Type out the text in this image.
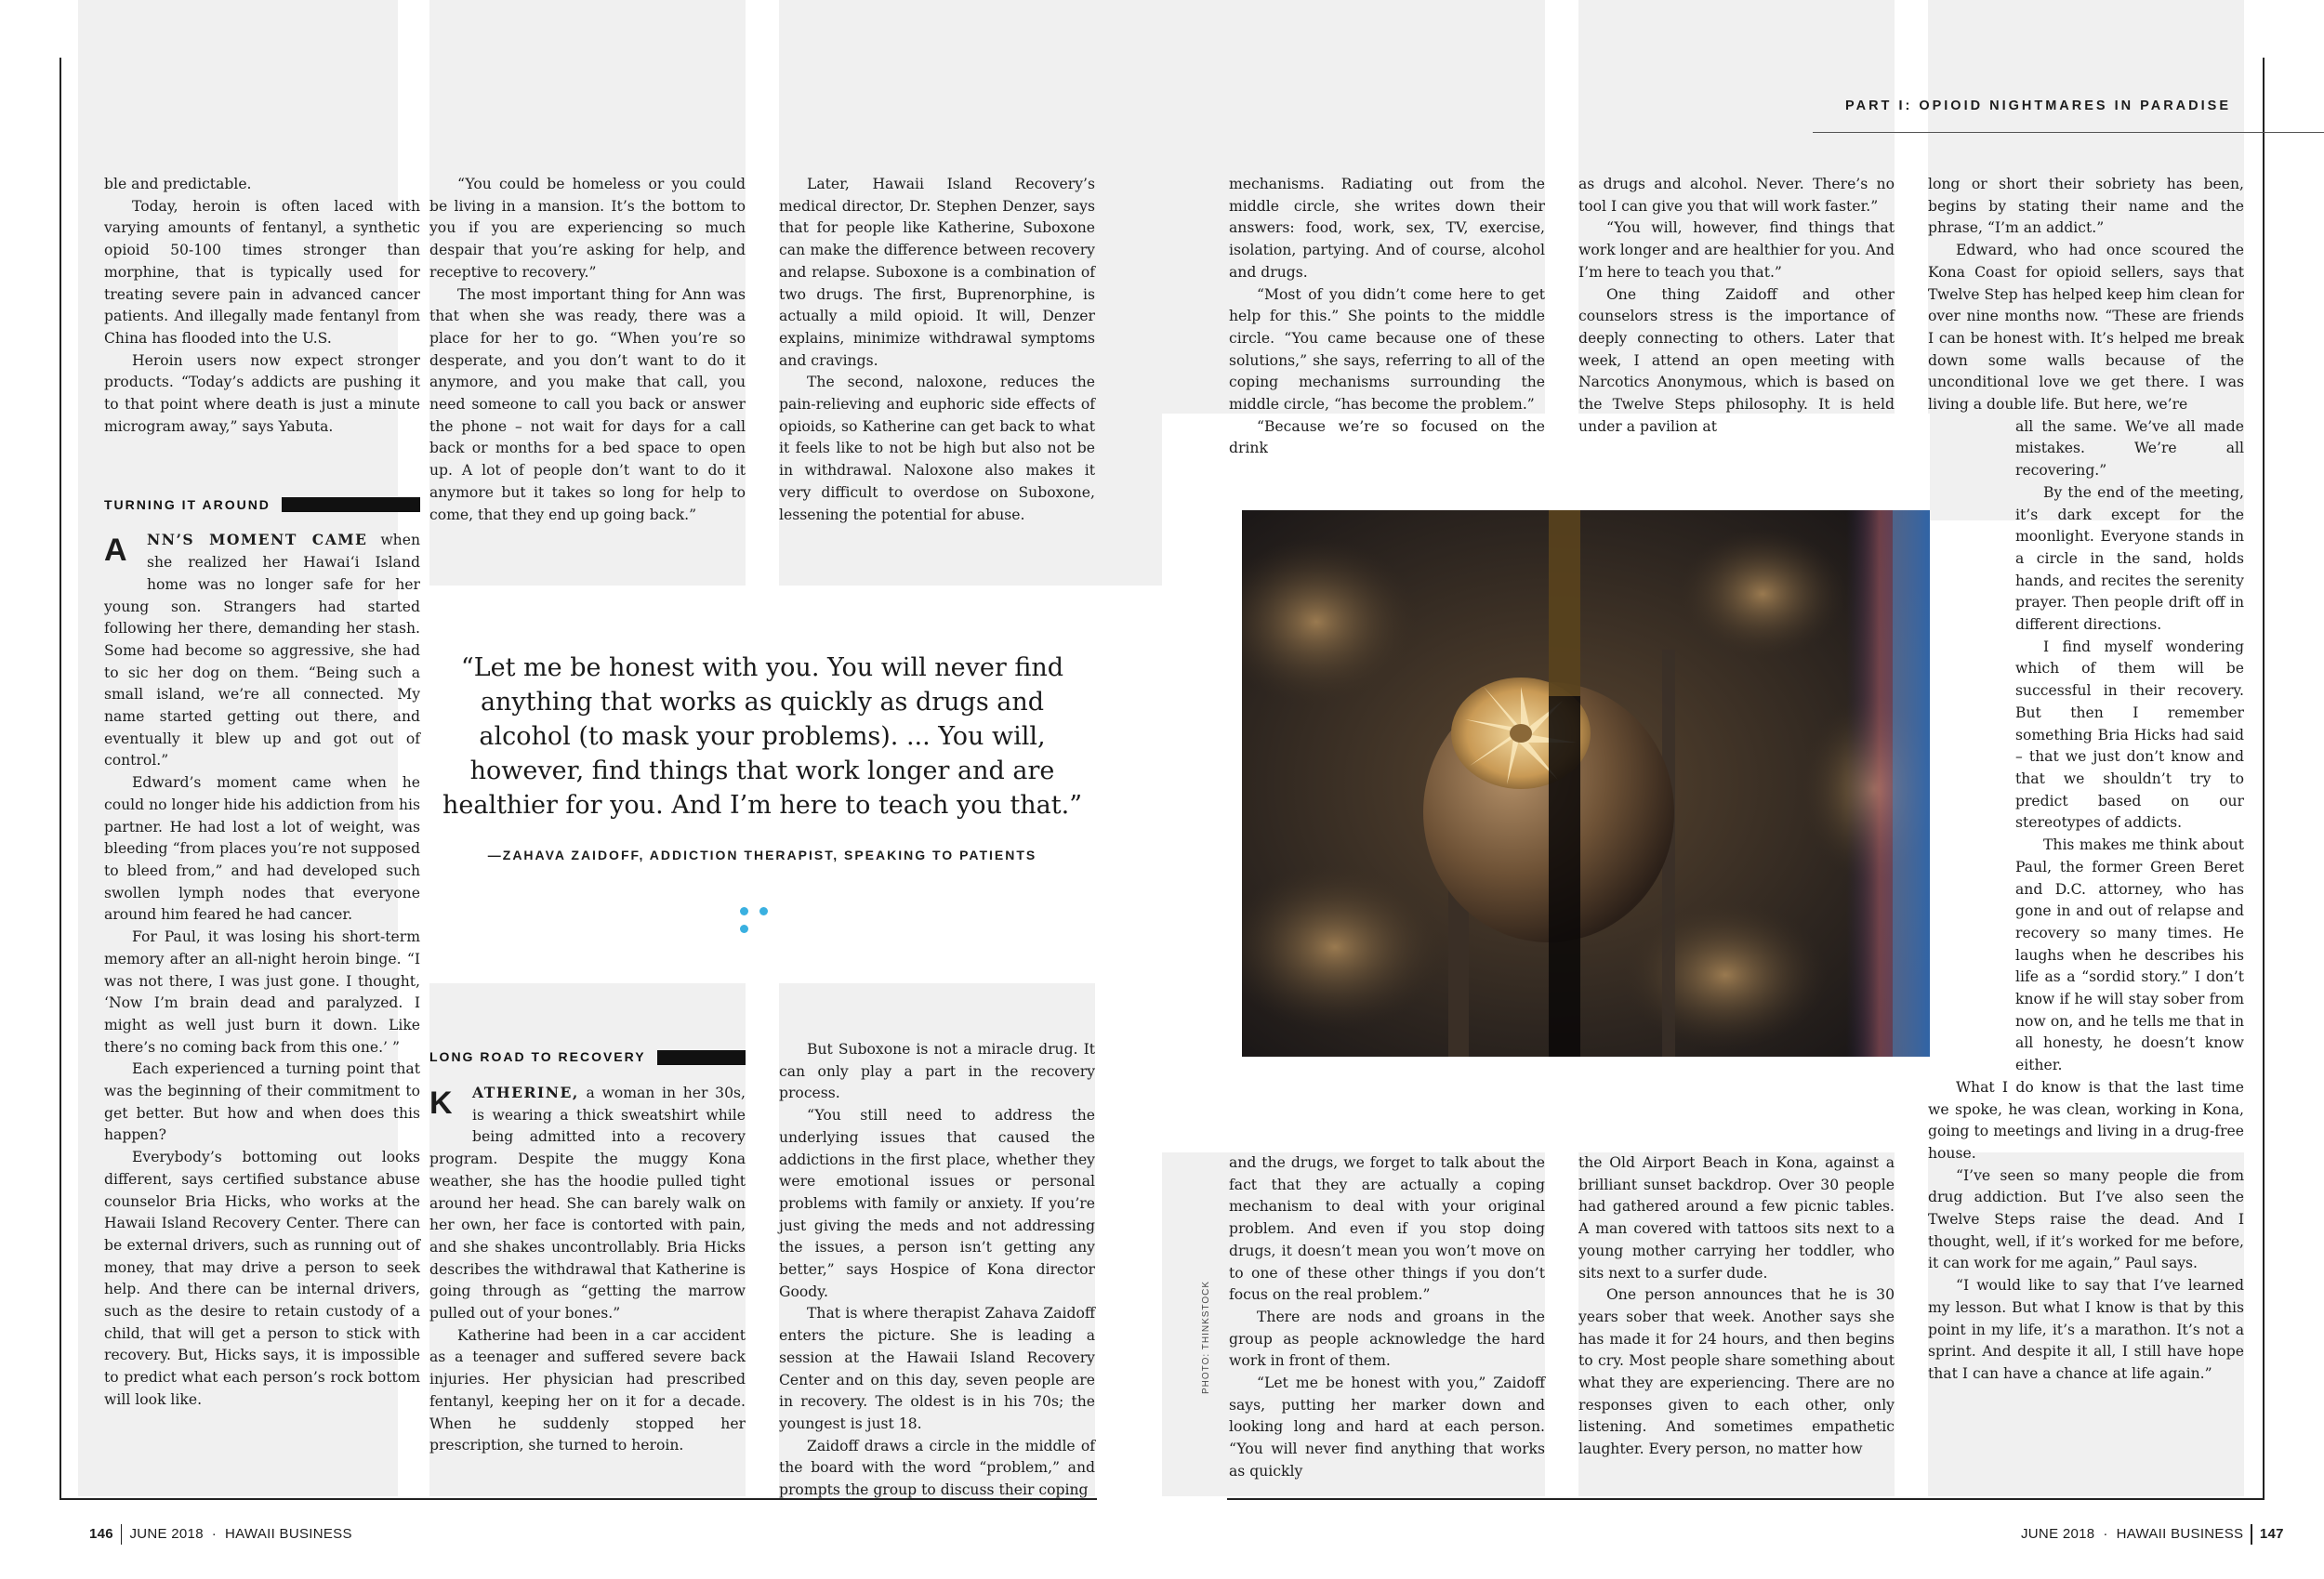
PART I: OPIOID NIGHTMARES IN PARADISE

ble and predictable.

Today, heroin is often laced with varying amounts of fentanyl, a synthetic opioid 50-100 times stronger than morphine, that is typically used for treating severe pain in advanced cancer patients. And illegally made fentanyl from China has flooded into the U.S.

Heroin users now expect stronger products. “Today’s addicts are pushing it to that point where death is just a minute microgram away,” says Yabuta.

TURNING IT AROUND
A	NN’S MOMENT CAME when she realized her Hawai‘i Island home was no longer safe for her young son. Strangers had started following her there, demanding her stash. Some had become so aggressive, she had to sic her dog on them. “Being such a small island, we’re all connected. My name started getting out there, and eventually it blew up and got out of control.”

Edward’s moment came when he could no longer hide his addiction from his partner. He had lost a lot of weight, was bleeding “from places you’re not supposed to bleed from,” and had developed such swollen lymph nodes that everyone around him feared he had cancer.

For Paul, it was losing his short-term memory after an all-night heroin binge. “I was not there, I was just gone. I thought, ‘Now I’m brain dead and paralyzed. I might as well just burn it down. Like there’s no coming back from this one.’ ”

Each experienced a turning point that was the beginning of their commitment to get better. But how and when does this happen?

Everybody’s bottoming out looks different, says certified substance abuse counselor Bria Hicks, who works at the Hawaii Island Recovery Center. There can be external drivers, such as running out of money, that may drive a person to seek help. And there can be internal drivers, such as the desire to retain custody of a child, that will get a person to stick with recovery. But, Hicks says, it is impossible to predict what each person’s rock bottom will look like.

“You could be homeless or you could be living in a mansion. It’s the bottom to you if you are experiencing so much despair that you’re asking for help, and receptive to recovery.”

The most important thing for Ann was that when she was ready, there was a place for her to go. “When you’re so desperate, and you don’t want to do it anymore, and you make that call, you need someone to call you back or answer the phone – not wait for days for a call back or months for a bed space to open up. A lot of people don’t want to do it anymore but it takes so long for help to come, that they end up going back.”

Later, Hawaii Island Recovery’s medical director, Dr. Stephen Denzer, says that for people like Katherine, Suboxone can make the difference between recovery and relapse. Suboxone is a combination of two drugs. The first, Buprenorphine, is actually a mild opioid. It will, Denzer explains, minimize withdrawal symptoms and cravings.

The second, naloxone, reduces the pain-relieving and euphoric side effects of opioids, so Katherine can get back to what it feels like to not be high but also not be in withdrawal. Naloxone also makes it very difficult to overdose on Suboxone, lessening the potential for abuse.

“Let me be honest with you. You will never find anything that works as quickly as drugs and alcohol (to mask your problems). ... You will, however, find things that work longer and are healthier for you. And I’m here to teach you that.”
—ZAHAVA ZAIDOFF, ADDICTION THERAPIST, SPEAKING TO PATIENTS
LONG ROAD TO RECOVERY
K	ATHERINE, a woman in her 30s, is wearing a thick sweatshirt while being admitted into a recovery program. Despite the muggy Kona weather, she has the hoodie pulled tight around her head. She can barely walk on her own, her face is contorted with pain, and she shakes uncontrollably. Bria Hicks describes the withdrawal that Katherine is going through as “getting the marrow pulled out of your bones.”

Katherine had been in a car accident as a teenager and suffered severe back injuries. Her physician had prescribed fentanyl, keeping her on it for a decade. When he suddenly stopped her prescription, she turned to heroin.

But Suboxone is not a miracle drug. It can only play a part in the recovery process.

“You still need to address the underlying issues that caused the addictions in the first place, whether they were emotional issues or personal problems with family or anxiety. If you’re just giving the meds and not addressing the issues, a person isn’t getting any better,” says Hospice of Kona director Goody.

That is where therapist Zahava Zaidoff enters the picture. She is leading a session at the Hawaii Island Recovery Center and on this day, seven people are in recovery. The oldest is in his 70s; the youngest is just 18.

Zaidoff draws a circle in the middle of the board with the word “problem,” and prompts the group to discuss their coping

mechanisms. Radiating out from the middle circle, she writes down their answers: food, work, sex, TV, exercise, isolation, partying. And of course, alcohol and drugs.

“Most of you didn’t come here to get help for this.” She points to the middle circle. “You came because one of these solutions,” she says, referring to all of the coping mechanisms surrounding the middle circle, “has become the problem.”

“Because we’re so focused on the drink

as drugs and alcohol. Never. There’s no tool I can give you that will work faster.”

“You will, however, find things that work longer and are healthier for you. And I’m here to teach you that.”

One thing Zaidoff and other counselors stress is the importance of deeply connecting to others. Later that week, I attend an open meeting with Narcotics Anonymous, which is based on the Twelve Steps philosophy. It is held under a pavilion at

long or short their sobriety has been, begins by stating their name and the phrase, “I’m an addict.”

Edward, who had once scoured the Kona Coast for opioid sellers, says that Twelve Step has helped keep him clean for over nine months now. “These are friends I can be honest with. It’s helped me break down some walls because of the unconditional love we get there. I was living a double life. But here, we’re

all the same. We’ve all made mistakes. We’re all recovering.”

By the end of the meeting, it’s dark except for the moonlight. Everyone stands in a circle in the sand, holds hands, and recites the serenity prayer. Then people drift off in different directions.

I find myself wondering which of them will be successful in their recovery. But then I remember something Bria Hicks had said – that we just don’t know and that we shouldn’t try to predict based on our stereotypes of addicts.

This makes me think about Paul, the former Green Beret and D.C. attorney, who has gone in and out of relapse and recovery so many times. He laughs when he describes his life as a “sordid story.” I don’t know if he will stay sober from now on, and he tells me that in all honesty, he doesn’t know either.

What I do know is that the last time we spoke, he was clean, working in Kona, going to meetings and living in a drug-free house.

“I’ve seen so many people die from drug addiction. But I’ve also seen the Twelve Steps raise the dead. And I thought, well, if it’s worked for me before, it can work for me again,” Paul says.

“I would like to say that I’ve learned my lesson. But what I know is that by this point in my life, it’s a marathon. It’s not a sprint. And despite it all, I still have hope that I can have a chance at life again.”

and the drugs, we forget to talk about the fact that they are actually a coping mechanism to deal with your original problem. And even if you stop doing drugs, it doesn’t mean you won’t move on to one of these other things if you don’t focus on the real problem.”

There are nods and groans in the group as people acknowledge the hard work in front of them.

“Let me be honest with you,” Zaidoff says, putting her marker down and looking long and hard at each person. “You will never find anything that works as quickly

the Old Airport Beach in Kona, against a brilliant sunset backdrop. Over 30 people had gathered around a few picnic tables. A man covered with tattoos sits next to a young mother carrying her toddler, who sits next to a surfer dude.

One person announces that he is 30 years sober that week. Another says she has made it for 24 hours, and then begins to cry. Most people share something about what they are experiencing. There are no responses given to each other, only listening. And sometimes empathetic laughter. Every person, no matter how

PHOTO: THINKSTOCK
146 JUNE 2018  ·  HAWAII BUSINESS	JUNE 2018  ·  HAWAII BUSINESS 147
